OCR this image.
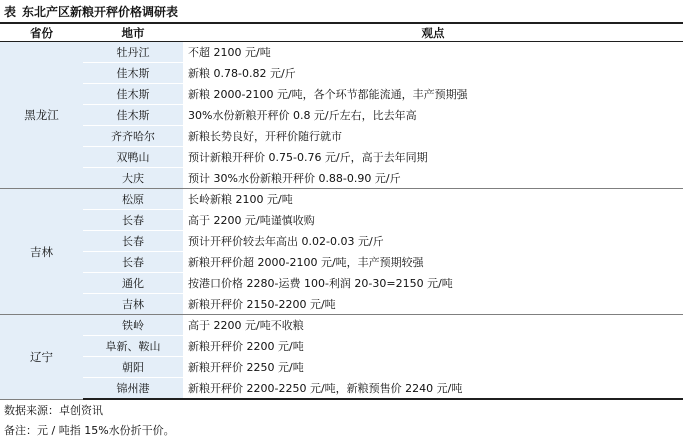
表 东北产区新粮开秤价格调研表
省份	地市	观点
黑龙江	牡丹江	不超 2100 元/吨
	佳木斯	新粮 0.78-0.82 元/斤
	佳木斯	新粮 2000-2100 元/吨，各个环节都能流通，丰产预期强
	佳木斯	30%水份新粮开秤价 0.8 元/斤左右，比去年高
	齐齐哈尔	新粮长势良好，开秤价随行就市
	双鸭山	预计新粮开秤价 0.75-0.76 元/斤，高于去年同期
	大庆	预计 30%水份新粮开秤价 0.88-0.90 元/斤
吉林	松原	长岭新粮 2100 元/吨
	长春	高于 2200 元/吨谨慎收购
	长春	预计开秤价较去年高出 0.02-0.03 元/斤
	长春	新粮开秤价超 2000-2100 元/吨，丰产预期较强
	通化	按港口价格 2280-运费 100-利润 20-30=2150 元/吨
	吉林	新粮开秤价 2150-2200 元/吨
辽宁	铁岭	高于 2200 元/吨不收粮
	阜新、鞍山	新粮开秤价 2200 元/吨
	朝阳	新粮开秤价 2250 元/吨
	锦州港	新粮开秤价 2200-2250 元/吨，新粮预售价 2240 元/吨
数据来源：卓创资讯
备注：元 / 吨指 15%水份折干价。
